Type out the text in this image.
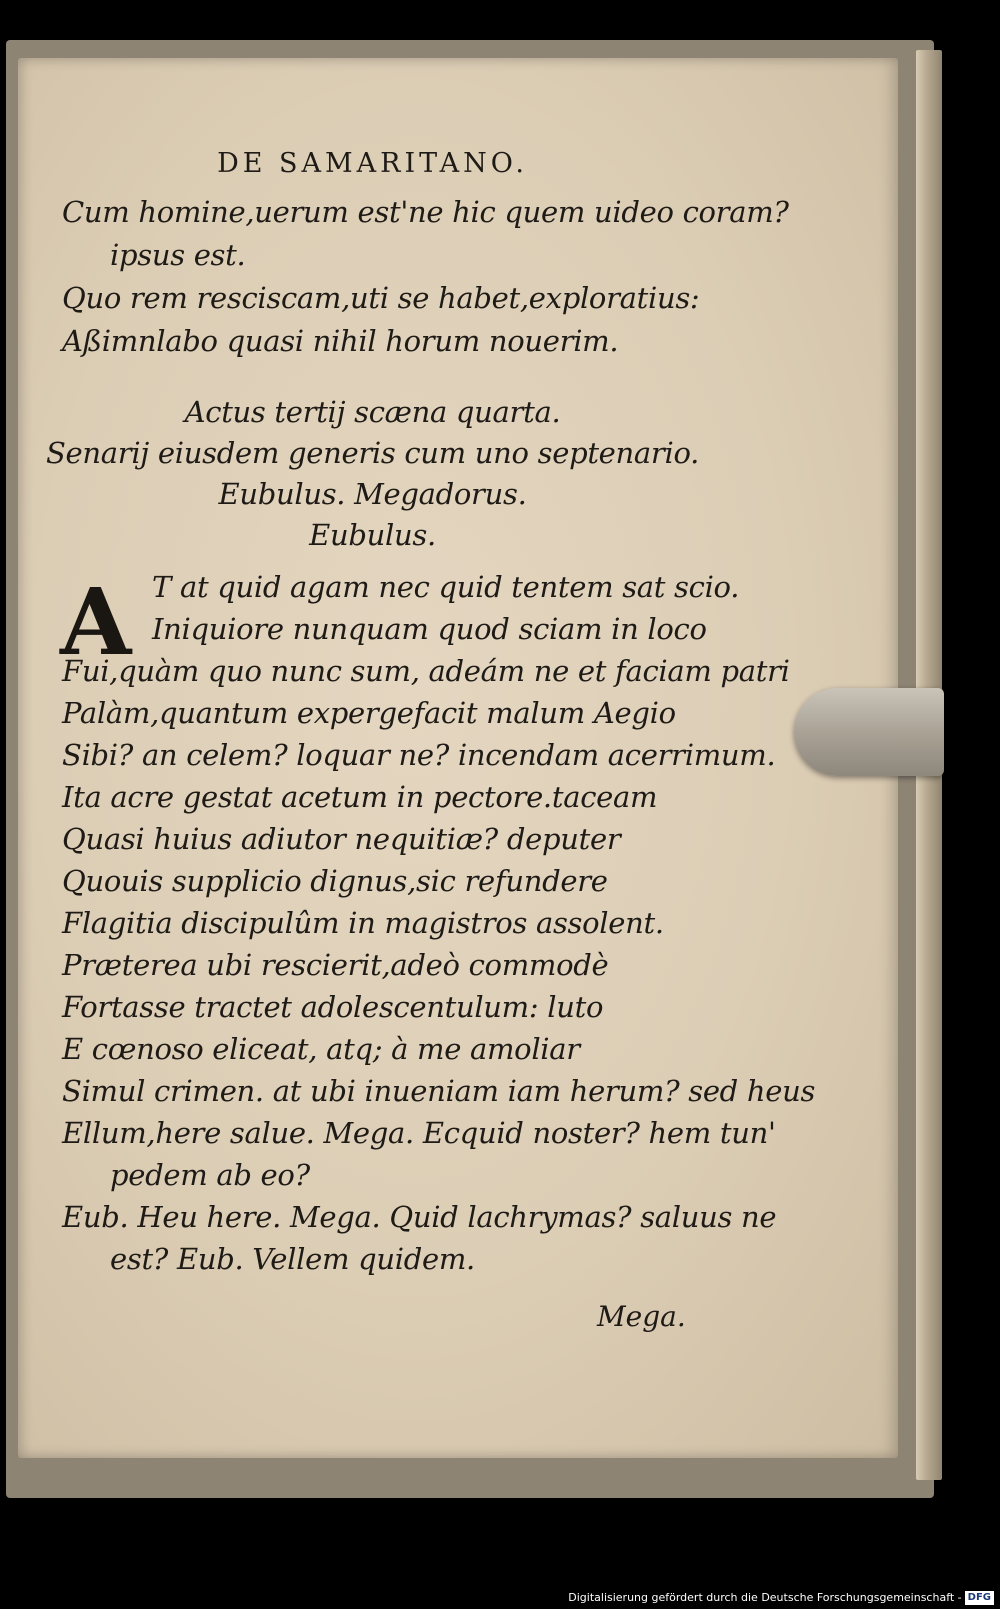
DE SAMARITANO.
Cum homine,uerum est'ne hic quem uideo coram?
ipsus est.
Quo rem resciscam,uti se habet,exploratius:
Aßimnlabo quasi nihil horum nouerim.
Actus tertij scæna quarta.
Senarij eiusdem generis cum uno septenario.
Eubulus. Megadorus.
Eubulus.
A T at quid agam nec quid tentem sat scio.
Iniquiore nunquam quod sciam in loco
Fui,quàm quo nunc sum, adeám ne et faciam patri
Palàm,quantum expergefacit malum Aegio
Sibi? an celem? loquar ne? incendam acerrimum.
Ita acre gestat acetum in pectore.taceam
Quasi huius adiutor nequitiæ? deputer
Quouis supplicio dignus,sic refundere
Flagitia discipulûm in magistros assolent.
Præterea ubi rescierit,adeò commodè
Fortasse tractet adolescentulum: luto
E cœnoso eliceat, atq; à me amoliar
Simul crimen. at ubi inueniam iam herum? sed heus
Ellum,here salue. Mega. Ecquid noster? hem tun'
pedem ab eo?
Eub. Heu here. Mega. Quid lachrymas? saluus ne
est? Eub. Vellem quidem.
Mega.
Digitalisierung gefördert durch die Deutsche Forschungsgemeinschaft - DFG
